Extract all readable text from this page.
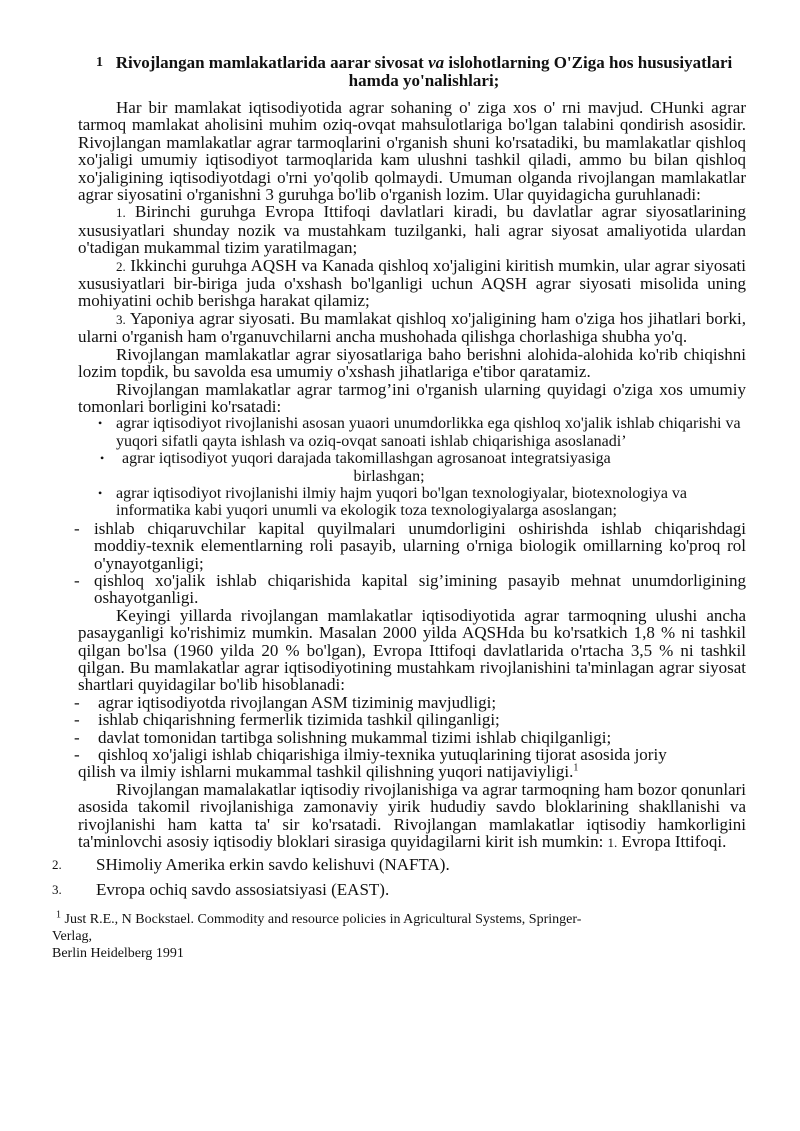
1 Rivojlangan mamlakatlarida aarar sivosat va islohotlarning O'Ziga hos hususiyatlari hamda yo'nalishlari;

Har bir mamlakat iqtisodiyotida agrar sohaning o' ziga xos o' rni mavjud. CHunki agrar tarmoq mamlakat aholisini muhim oziq-ovqat mahsulotlariga bo'lgan talabini qondirish asosidir. Rivojlangan mamlakatlar agrar tarmoqlarini o'rganish shuni ko'rsatadiki, bu mamlakatlar qishloq xo'jaligi umumiy iqtisodiyot tarmoqlarida kam ulushni tashkil qiladi, ammo bu bilan qishloq xo'jaligining iqtisodiyotdagi o'rni yo'qolib qolmaydi. Umuman olganda rivojlangan mamlakatlar agrar siyosatini o'rganishni 3 guruhga bo'lib o'rganish lozim. Ular quyidagicha guruhlanadi:

1. Birinchi guruhga Evropa Ittifoqi davlatlari kiradi, bu davlatlar agrar siyosatlarining xususiyatlari shunday nozik va mustahkam tuzilganki, hali agrar siyosat amaliyotida ulardan o'tadigan mukammal tizim yaratilmagan;

2. Ikkinchi guruhga AQSH va Kanada qishloq xo'jaligini kiritish mumkin, ular agrar siyosati xususiyatlari bir-biriga juda o'xshash bo'lganligi uchun AQSH agrar siyosati misolida uning mohiyatini ochib berishga harakat qilamiz;

3. Yaponiya agrar siyosati. Bu mamlakat qishloq xo'jaligining ham o'ziga hos jihatlari borki, ularni o'rganish ham o'rganuvchilarni ancha mushohada qilishga chorlashiga shubha yo'q.

Rivojlangan mamlakatlar agrar siyosatlariga baho berishni alohida-alohida ko'rib chiqishni lozim topdik, bu savolda esa umumiy o'xshash jihatlariga e'tibor qaratamiz.

Rivojlangan mamlakatlar agrar tarmog’ini o'rganish ularning quyidagi o'ziga xos umumiy tomonlari borligini ko'rsatadi:

• agrar iqtisodiyot rivojlanishi asosan yuaori unumdorlikka ega qishloq xo'jalik ishlab chiqarishi va yuqori sifatli qayta ishlash va oziq-ovqat sanoati ishlab chiqarishiga asoslanadi’
• agrar iqtisodiyot yuqori darajada takomillashgan agrosanoat integratsiyasiga
birlashgan;
• agrar iqtisodiyot rivojlanishi ilmiy hajm yuqori bo'lgan texnologiyalar, biotexnologiya va informatika kabi yuqori unumli va ekologik toza texnologiyalarga asoslangan;
- ishlab chiqaruvchilar kapital quyilmalari unumdorligini oshirishda ishlab chiqarishdagi moddiy-texnik elementlarning roli pasayib, ularning o'rniga biologik omillarning ko'proq rol o'ynayotganligi;
- qishloq xo'jalik ishlab chiqarishida kapital sig’imining pasayib mehnat unumdorligining oshayotganligi.

Keyingi yillarda rivojlangan mamlakatlar iqtisodiyotida agrar tarmoqning ulushi ancha pasayganligi ko'rishimiz mumkin. Masalan 2000 yilda AQSHda bu ko'rsatkich 1,8 % ni tashkil qilgan bo'lsa (1960 yilda 20 % bo'lgan), Evropa Ittifoqi davlatlarida o'rtacha 3,5 % ni tashkil qilgan. Bu mamlakatlar agrar iqtisodiyotining mustahkam rivojlanishini ta'minlagan agrar siyosat shartlari quyidagilar bo'lib hisoblanadi:

- agrar iqtisodiyotda rivojlangan ASM tiziminig mavjudligi;
- ishlab chiqarishning fermerlik tizimida tashkil qilinganligi;
- davlat tomonidan tartibga solishning mukammal tizimi ishlab chiqilganligi;
- qishloq xo'jaligi ishlab chiqarishiga ilmiy-texnika yutuqlarining tijorat asosida joriy
qilish va ilmiy ishlarni mukammal tashkil qilishning yuqori natijaviyligi.$^1$

Rivojlangan mamalakatlar iqtisodiy rivojlanishiga va agrar tarmoqning ham bozor qonunlari asosida takomil rivojlanishiga zamonaviy yirik hududiy savdo bloklarining shakllanishi va rivojlanishi ham katta ta' sir ko'rsatadi. Rivojlangan mamlakatlar iqtisodiy hamkorligini ta'minlovchi asosiy iqtisodiy bloklari sirasiga quyidagilarni kirit ish mumkin: 1. Evropa Ittifoqi.

2.	SHimoliy Amerika erkin savdo kelishuvi (NAFTA).
3.	Evropa ochiq savdo assosiatsiyasi (EAST).
$^1$ Just R.E., N Bockstael. Commodity and resource policies in Agricultural Systems, Springer-
Verlag,
Berlin Heidelberg 1991
